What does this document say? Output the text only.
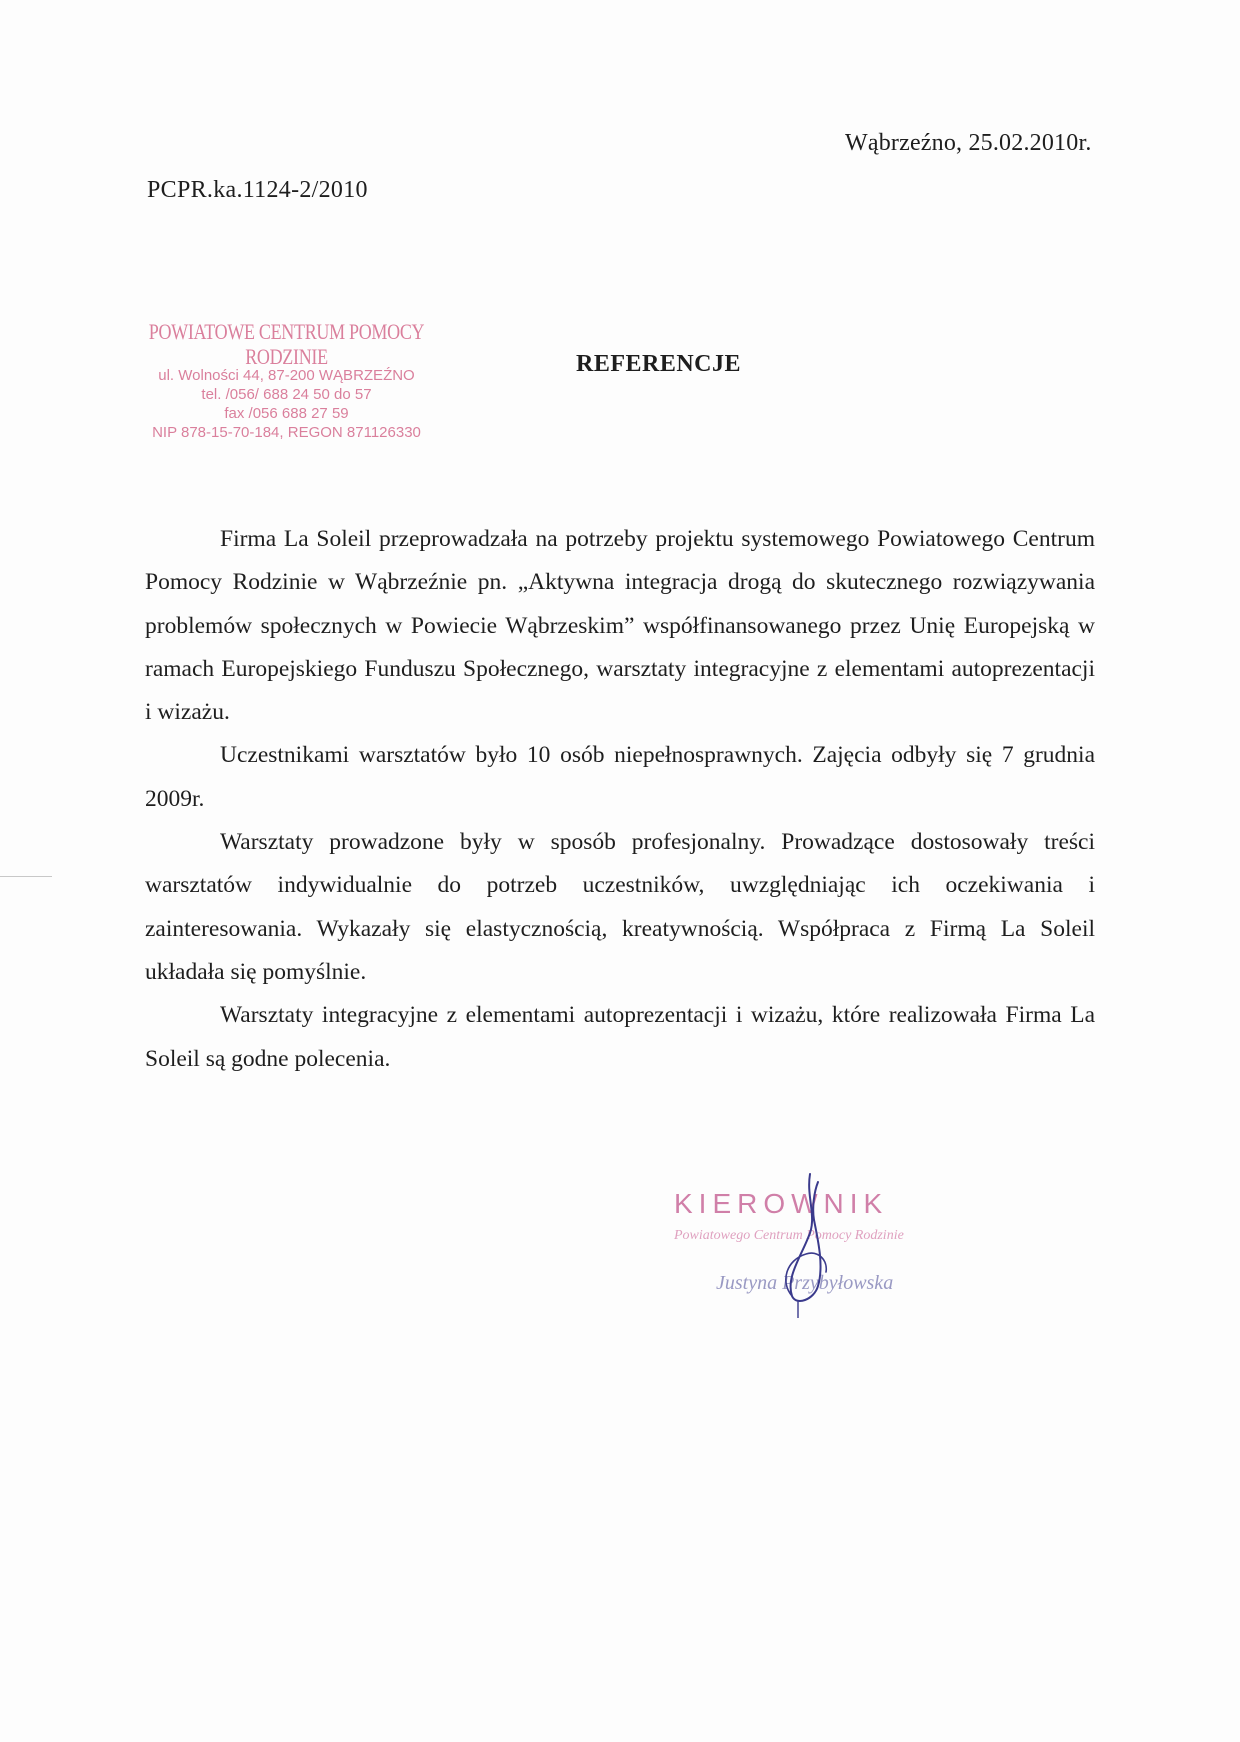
Wąbrzeźno, 25.02.2010r.
PCPR.ka.1124-2/2010
POWIATOWE CENTRUM POMOCY RODZINIE
ul. Wolności 44, 87-200 WĄBRZEŹNO
tel. /056/ 688 24 50 do 57
fax /056 688 27 59
NIP 878-15-70-184, REGON 871126330
REFERENCJE

Firma La Soleil przeprowadzała na potrzeby projektu systemowego Powiatowego Centrum Pomocy Rodzinie w Wąbrzeźnie pn. „Aktywna integracja drogą do skutecznego rozwiązywania problemów społecznych w Powiecie Wąbrzeskim” współfinansowanego przez Unię Europejską w ramach Europejskiego Funduszu Społecznego, warsztaty integracyjne z elementami autoprezentacji i wizażu.

Uczestnikami warsztatów było 10 osób niepełnosprawnych. Zajęcia odbyły się 7 grudnia 2009r.

Warsztaty prowadzone były w sposób profesjonalny. Prowadzące dostosowały treści warsztatów indywidualnie do potrzeb uczestników, uwzględniając ich oczekiwania i zainteresowania. Wykazały się elastycznością, kreatywnością. Współpraca z Firmą La Soleil układała się pomyślnie.

Warsztaty integracyjne z elementami autoprezentacji i wizażu, które realizowała Firma La Soleil są godne polecenia.

KIEROWNIK
Powiatowego Centrum Pomocy Rodzinie
Justyna Przybyłowska
